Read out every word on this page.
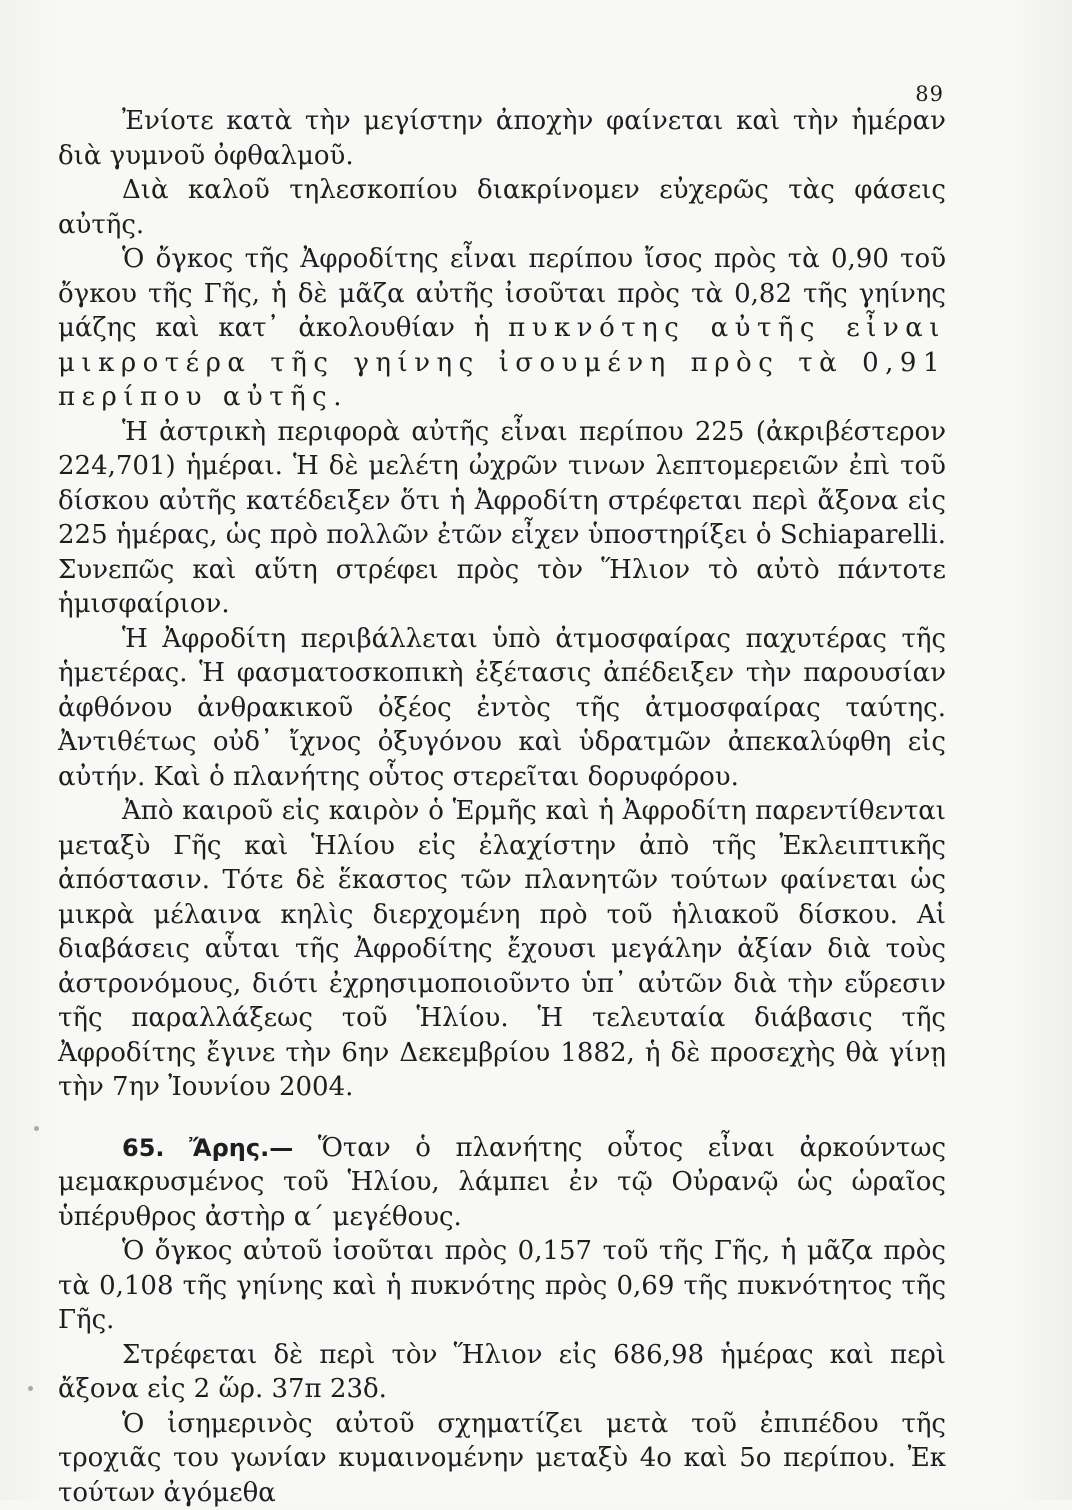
89

Ἐνίοτε κατὰ τὴν μεγίστην ἀποχὴν φαίνεται καὶ τὴν ἡμέραν διὰ γυμνοῦ ὀφθαλμοῦ.

Διὰ καλοῦ τηλεσκοπίου διακρίνομεν εὐχερῶς τὰς φάσεις αὐτῆς.

Ὁ ὄγκος τῆς Ἀφροδίτης εἶναι περίπου ἴσος πρὸς τὰ 0,90 τοῦ ὄγκου τῆς Γῆς, ἡ δὲ μᾶζα αὐτῆς ἰσοῦται πρὸς τὰ 0,82 τῆς γηίνης μάζης καὶ κατ᾽ ἀκολουθίαν ἡ πυκνότης αὐτῆς εἶναι μικροτέρα τῆς γηίνης ἰσουμένη πρὸς τὰ 0,91 περίπου αὐτῆς.

Ἡ ἀστρικὴ περιφορὰ αὐτῆς εἶναι περίπου 225 (ἀκριβέστερον 224,701) ἡμέραι. Ἡ δὲ μελέτη ὠχρῶν τινων λεπτομερειῶν ἐπὶ τοῦ δίσκου αὐτῆς κατέδειξεν ὅτι ἡ Ἀφροδίτη στρέφεται περὶ ἄξονα εἰς 225 ἡμέρας, ὡς πρὸ πολλῶν ἐτῶν εἶχεν ὑποστηρίξει ὁ Schiaparelli. Συνεπῶς καὶ αὕτη στρέφει πρὸς τὸν Ἥλιον τὸ αὐτὸ πάντοτε ἡμισφαίριον.

Ἡ Ἀφροδίτη περιβάλλεται ὑπὸ ἀτμοσφαίρας παχυτέρας τῆς ἡμετέρας. Ἡ φασματοσκοπικὴ ἐξέτασις ἀπέδειξεν τὴν παρουσίαν ἀφθόνου ἀνθρακικοῦ ὀξέος ἐντὸς τῆς ἀτμοσφαίρας ταύτης. Ἀντιθέτως οὐδ᾽ ἴχνος ὀξυγόνου καὶ ὑδρατμῶν ἀπεκαλύφθη εἰς αὐτήν. Καὶ ὁ πλανήτης οὗτος στερεῖται δορυφόρου.

Ἀπὸ καιροῦ εἰς καιρὸν ὁ Ἑρμῆς καὶ ἡ Ἀφροδίτη παρεντίθενται μεταξὺ Γῆς καὶ Ἡλίου εἰς ἐλαχίστην ἀπὸ τῆς Ἐκλειπτικῆς ἀπόστασιν. Τότε δὲ ἕκαστος τῶν πλανητῶν τούτων φαίνεται ὡς μικρὰ μέλαινα κηλὶς διερχομένη πρὸ τοῦ ἡλιακοῦ δίσκου. Αἱ διαβάσεις αὗται τῆς Ἀφροδίτης ἔχουσι μεγάλην ἀξίαν διὰ τοὺς ἀστρονόμους, διότι ἐχρησιμοποιοῦντο ὑπ᾽ αὐτῶν διὰ τὴν εὕρεσιν τῆς παραλλάξεως τοῦ Ἡλίου. Ἡ τελευταία διάβασις τῆς Ἀφροδίτης ἔγινε τὴν 6ην Δεκεμβρίου 1882, ἡ δὲ προσεχὴς θὰ γίνῃ τὴν 7ην Ἰουνίου 2004.

65. Ἄρης.— Ὅταν ὁ πλανήτης οὗτος εἶναι ἀρκούντως μεμακρυσμένος τοῦ Ἡλίου, λάμπει ἐν τῷ Οὐρανῷ ὡς ὡραῖος ὑπέρυθρος ἀστὴρ α΄ μεγέθους.

Ὁ ὄγκος αὐτοῦ ἰσοῦται πρὸς 0,157 τοῦ τῆς Γῆς, ἡ μᾶζα πρὸς τὰ 0,108 τῆς γηίνης καὶ ἡ πυκνότης πρὸς 0,69 τῆς πυκνότητος τῆς Γῆς.

Στρέφεται δὲ περὶ τὸν Ἥλιον εἰς 686,98 ἡμέρας καὶ περὶ ἄξονα εἰς 2 ὥρ. 37π 23δ.

Ὁ ἰσημερινὸς αὐτοῦ σχηματίζει μετὰ τοῦ ἐπιπέδου τῆς τροχιᾶς του γωνίαν κυμαινομένην μεταξὺ 4ο καὶ 5ο περίπου. Ἐκ τούτων ἀγόμεθα
